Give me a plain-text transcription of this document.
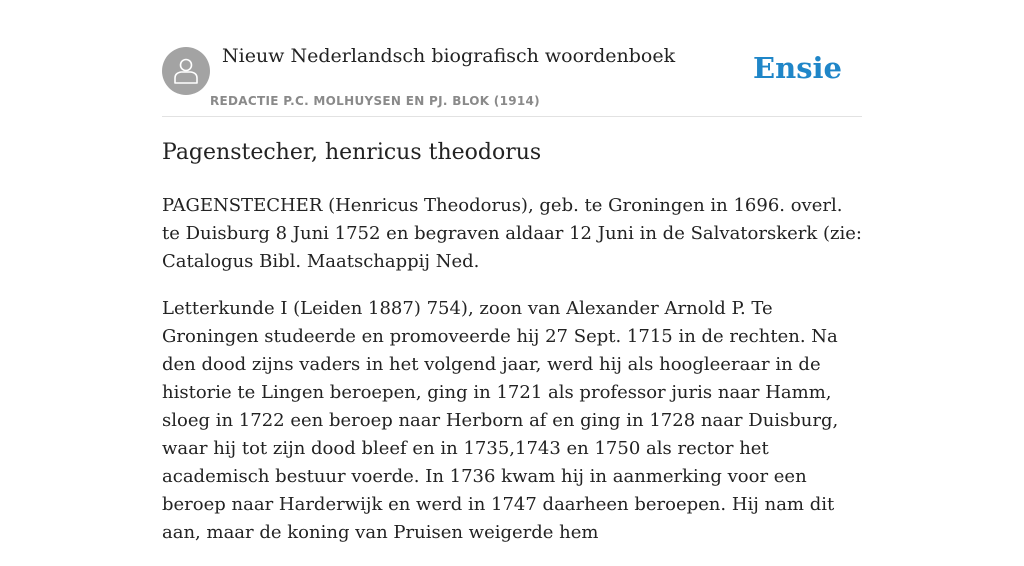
Nieuw Nederlandsch biografisch woordenboek
REDACTIE P.C. MOLHUYSEN EN PJ. BLOK (1914)
Ensie
Pagenstecher, henricus theodorus

PAGENSTECHER (Henricus Theodorus), geb. te Groningen in 1696. overl. te Duisburg 8 Juni 1752 en begraven aldaar 12 Juni in de Salvatorskerk (zie: Catalogus Bibl. Maatschappij Ned.

Letterkunde I (Leiden 1887) 754), zoon van Alexander Arnold P. Te Groningen studeerde en promoveerde hij 27 Sept. 1715 in de rechten. Na den dood zijns vaders in het volgend jaar, werd hij als hoogleeraar in de historie te Lingen beroepen, ging in 1721 als professor juris naar Hamm, sloeg in 1722 een beroep naar Herborn af en ging in 1728 naar Duisburg, waar hij tot zijn dood bleef en in 1735,1743 en 1750 als rector het academisch bestuur voerde. In 1736 kwam hij in aanmerking voor een beroep naar Harderwijk en werd in 1747 daarheen beroepen. Hij nam dit aan, maar de koning van Pruisen weigerde hem
